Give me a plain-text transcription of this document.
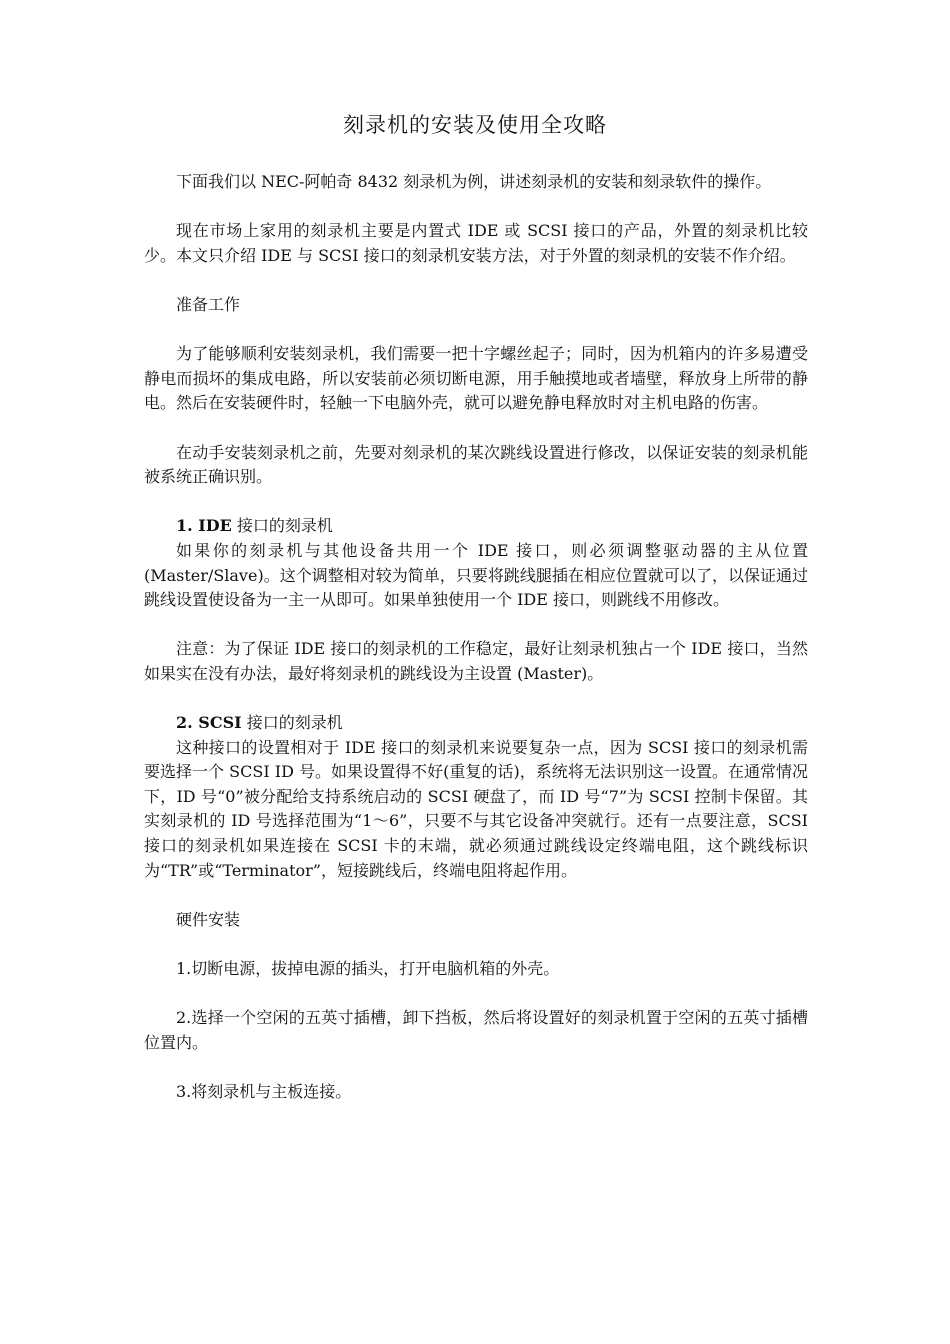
刻录机的安装及使用全攻略

下面我们以 NEC-阿帕奇 8432 刻录机为例，讲述刻录机的安装和刻录软件的操作。

现在市场上家用的刻录机主要是内置式 IDE 或 SCSI 接口的产品，外置的刻录机比较少。本文只介绍 IDE 与 SCSI 接口的刻录机安装方法，对于外置的刻录机的安装不作介绍。

准备工作

为了能够顺利安装刻录机，我们需要一把十字螺丝起子；同时，因为机箱内的许多易遭受静电而损坏的集成电路，所以安装前必须切断电源，用手触摸地或者墙壁，释放身上所带的静电。然后在安装硬件时，轻触一下电脑外壳，就可以避免静电释放时对主机电路的伤害。

在动手安装刻录机之前，先要对刻录机的某次跳线设置进行修改，以保证安装的刻录机能被系统正确识别。

1. IDE 接口的刻录机

如果你的刻录机与其他设备共用一个 IDE 接口，则必须调整驱动器的主从位置(Master/Slave)。这个调整相对较为简单，只要将跳线腿插在相应位置就可以了，以保证通过跳线设置使设备为一主一从即可。如果单独使用一个 IDE 接口，则跳线不用修改。

注意：为了保证 IDE 接口的刻录机的工作稳定，最好让刻录机独占一个 IDE 接口，当然如果实在没有办法，最好将刻录机的跳线设为主设置 (Master)。

2. SCSI 接口的刻录机

这种接口的设置相对于 IDE 接口的刻录机来说要复杂一点，因为 SCSI 接口的刻录机需要选择一个 SCSI ID 号。如果设置得不好(重复的话)，系统将无法识别这一设置。在通常情况下，ID 号“0”被分配给支持系统启动的 SCSI 硬盘了，而 ID 号“7”为 SCSI 控制卡保留。其实刻录机的 ID 号选择范围为“1～6”，只要不与其它设备冲突就行。还有一点要注意，SCSI 接口的刻录机如果连接在 SCSI 卡的末端，就必须通过跳线设定终端电阻，这个跳线标识为“TR”或“Terminator”，短接跳线后，终端电阻将起作用。

硬件安装

1.切断电源，拔掉电源的插头，打开电脑机箱的外壳。

2.选择一个空闲的五英寸插槽，卸下挡板，然后将设置好的刻录机置于空闲的五英寸插槽位置内。

3.将刻录机与主板连接。
